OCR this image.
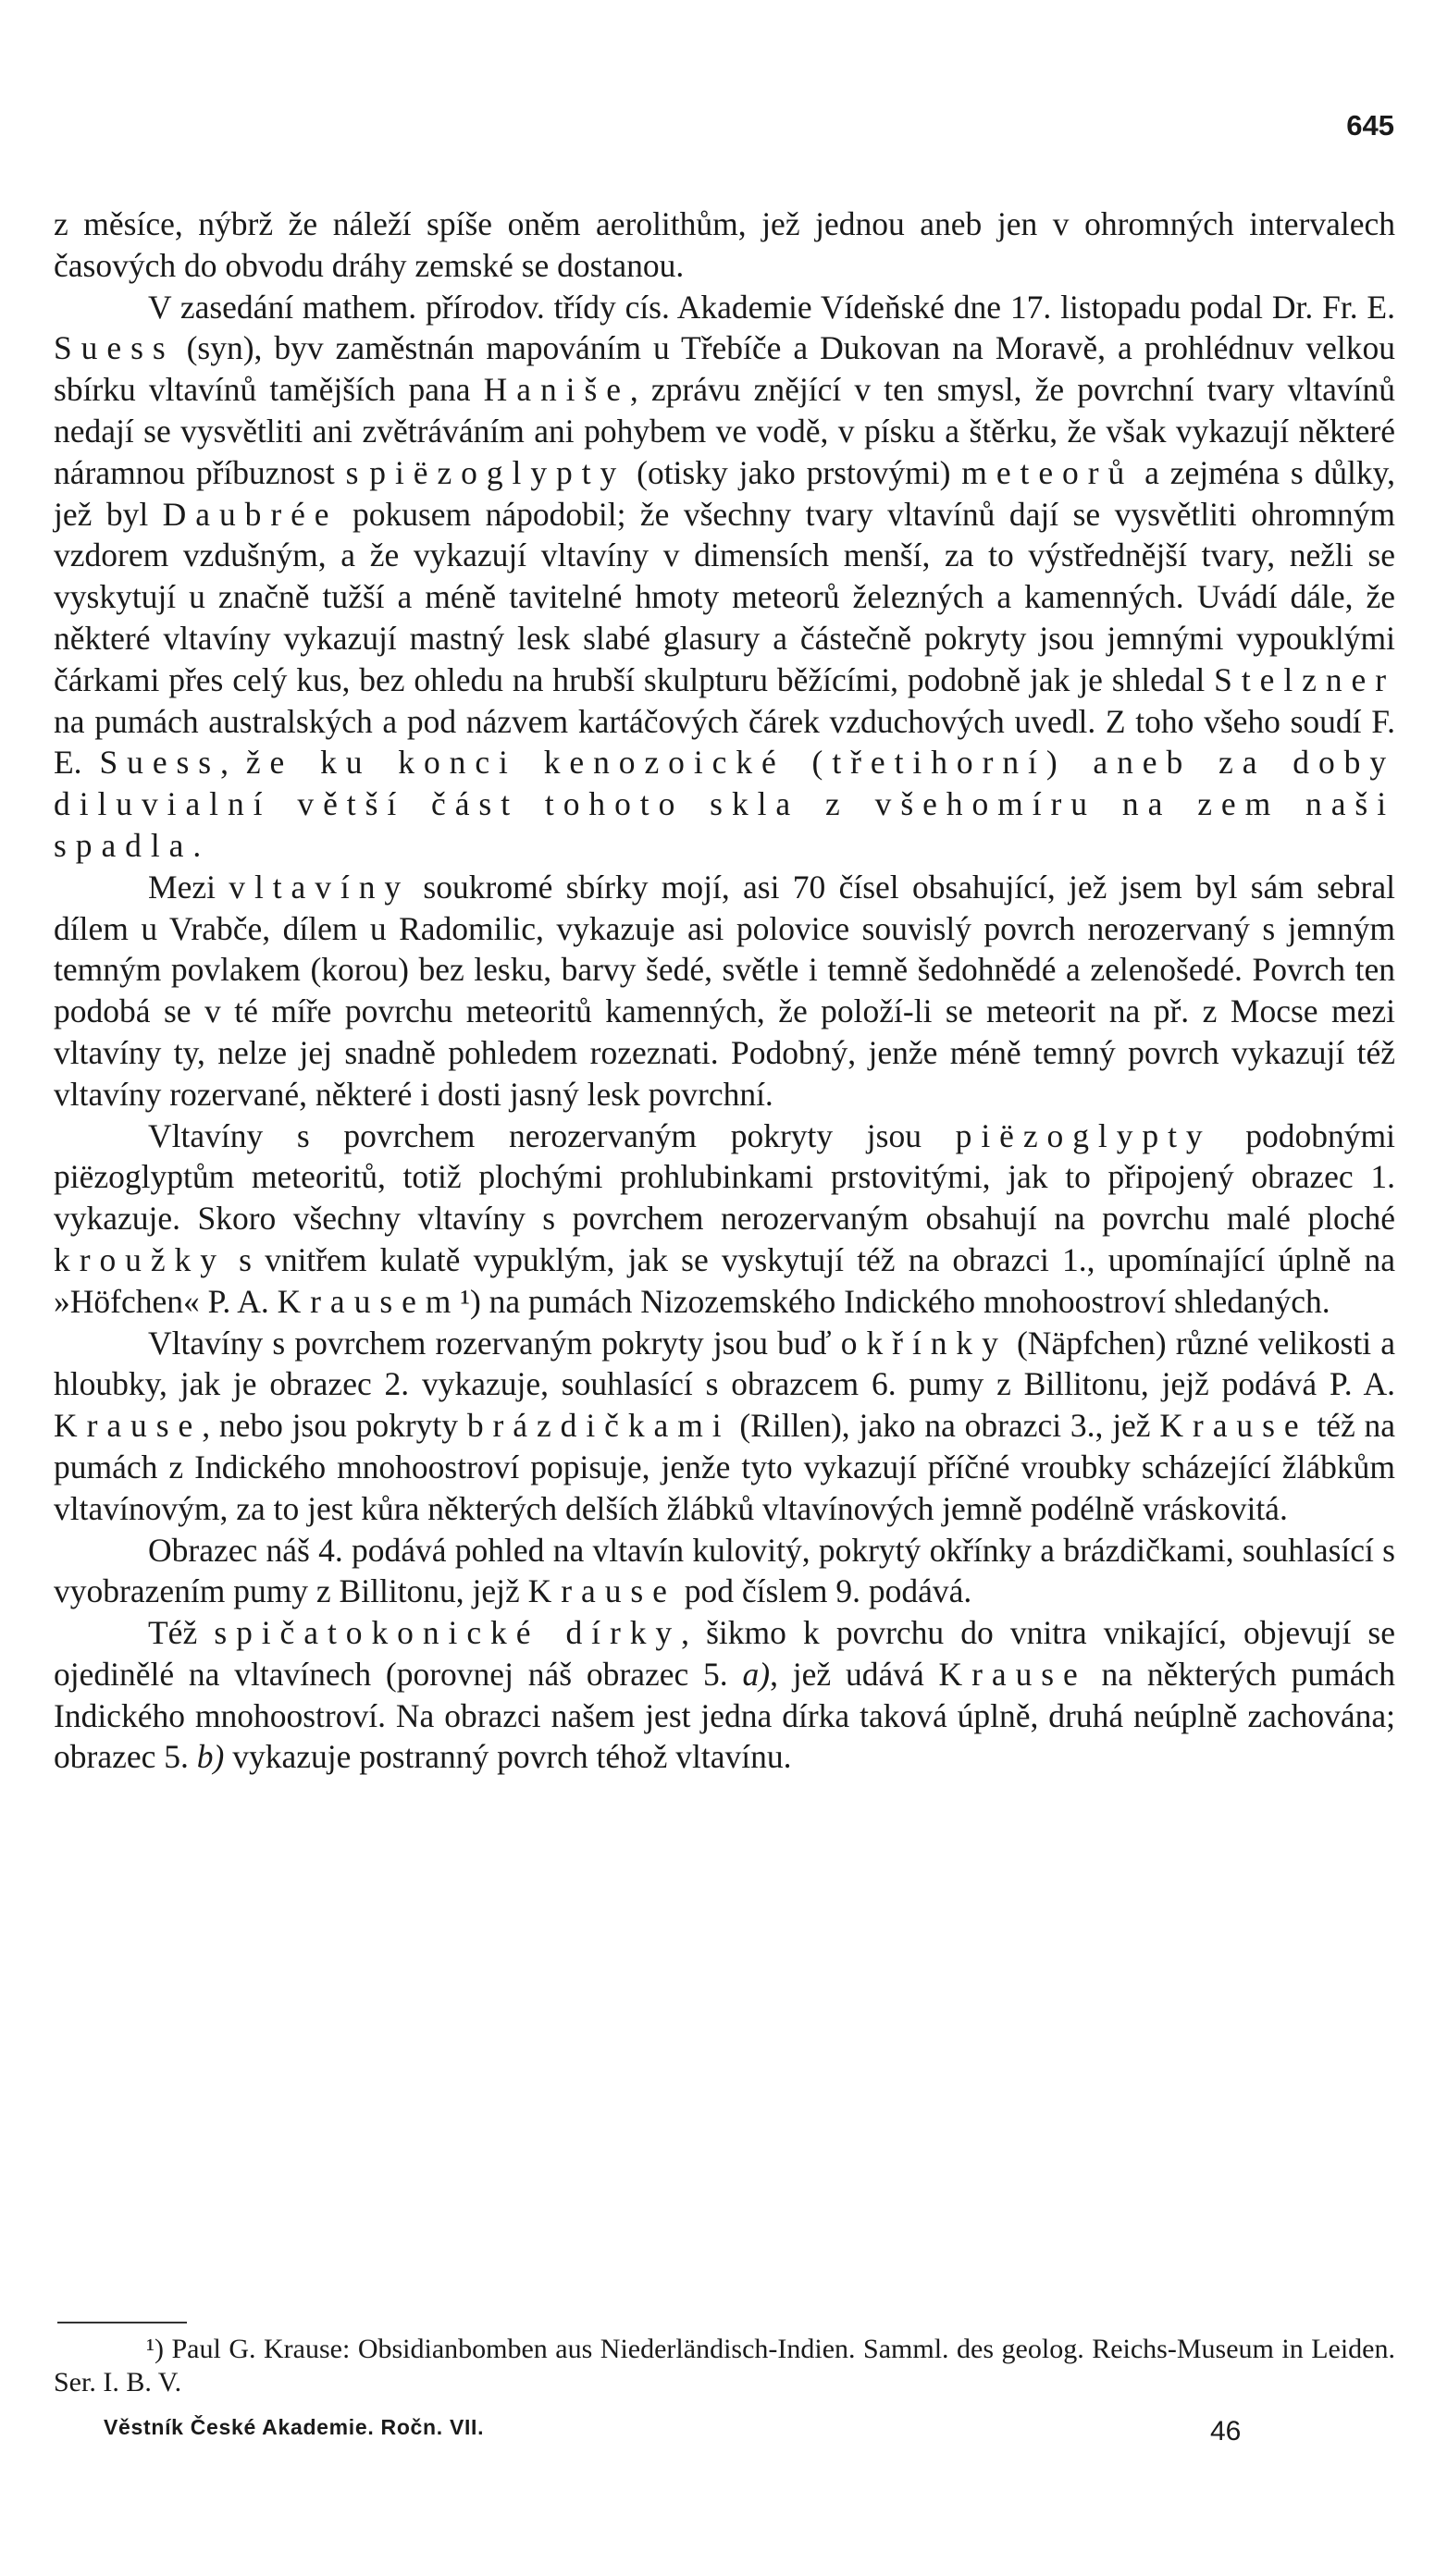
645

z měsíce, nýbrž že náleží spíše oněm aerolithům, jež jednou aneb jen v ohromných intervalech časových do obvodu dráhy zemské se dostanou.

V zasedání mathem. přírodov. třídy cís. Akademie Vídeňské dne 17. listopadu podal Dr. Fr. E. Suess (syn), byv zaměstnán mapováním u Třebíče a Dukovan na Moravě, a prohlédnuv velkou sbírku vltavínů tamějších pana Haniše, zprávu znějící v ten smysl, že povrchní tvary vltavínů nedají se vysvětliti ani zvětráváním ani pohybem ve vodě, v písku a štěrku, že však vykazují některé náramnou příbuznost s piëzoglypty (otisky jako prstovými) meteorů a zejména s důlky, jež byl Daubrée pokusem nápodobil; že všechny tvary vltavínů dají se vysvětliti ohromným vzdorem vzdušným, a že vykazují vltavíny v dimensích menší, za to výstřednější tvary, nežli se vyskytují u značně tužší a méně tavitelné hmoty meteorů železných a kamenných. Uvádí dále, že některé vltavíny vykazují mastný lesk slabé glasury a částečně pokryty jsou jemnými vypouklými čárkami přes celý kus, bez ohledu na hrubší skulpturu běžícími, podobně jak je shledal Stelzner na pumách australských a pod názvem kartáčových čárek vzduchových uvedl. Z toho všeho soudí F. E. Suess, že ku konci kenozoické (třetihorní) aneb za doby diluvialní větší část tohoto skla z všehomíru na zem naši spadla.

Mezi vltavíny soukromé sbírky mojí, asi 70 čísel obsahující, jež jsem byl sám sebral dílem u Vrabče, dílem u Radomilic, vykazuje asi polovice souvislý povrch nerozervaný s jemným temným povlakem (korou) bez lesku, barvy šedé, světle i temně šedohnědé a zelenošedé. Povrch ten podobá se v té míře povrchu meteoritů kamenných, že položí-li se meteorit na př. z Mocse mezi vltavíny ty, nelze jej snadně pohledem rozeznati. Podobný, jenže méně temný povrch vykazují též vltavíny rozervané, některé i dosti jasný lesk povrchní.

Vltavíny s povrchem nerozervaným pokryty jsou piëzoglypty podobnými piëzoglyptům meteoritů, totiž plochými prohlubinkami prstovitými, jak to připojený obrazec 1. vykazuje. Skoro všechny vltavíny s povrchem nerozervaným obsahují na povrchu malé ploché kroužky s vnitřem kulatě vypuklým, jak se vyskytují též na obrazci 1., upomínající úplně na »Höfchen« P. A. Krausem¹) na pumách Nizozemského Indického mnohoostroví shledaných.

Vltavíny s povrchem rozervaným pokryty jsou buď okřínky (Näpfchen) různé velikosti a hloubky, jak je obrazec 2. vykazuje, souhlasící s obrazcem 6. pumy z Billitonu, jejž podává P. A. Krause, nebo jsou pokryty brázdičkami (Rillen), jako na obrazci 3., jež Krause též na pumách z Indického mnohoostroví popisuje, jenže tyto vykazují příčné vroubky scházející žlábkům vltavínovým, za to jest kůra některých delších žlábků vltavínových jemně podélně vráskovitá.

Obrazec náš 4. podává pohled na vltavín kulovitý, pokrytý okřínky a brázdičkami, souhlasící s vyobrazením pumy z Billitonu, jejž Krause pod číslem 9. podává.

Též spičatokonické dírky, šikmo k povrchu do vnitra vnikající, objevují se ojedinělé na vltavínech (porovnej náš obrazec 5. a), jež udává Krause na některých pumách Indického mnohoostroví. Na obrazci našem jest jedna dírka taková úplně, druhá neúplně zachována; obrazec 5. b) vykazuje postranný povrch téhož vltavínu.

¹) Paul G. Krause: Obsidianbomben aus Niederländisch-Indien. Samml. des geolog. Reichs-Museum in Leiden. Ser. I. B. V.

Věstník České Akademie. Ročn. VII.	46
